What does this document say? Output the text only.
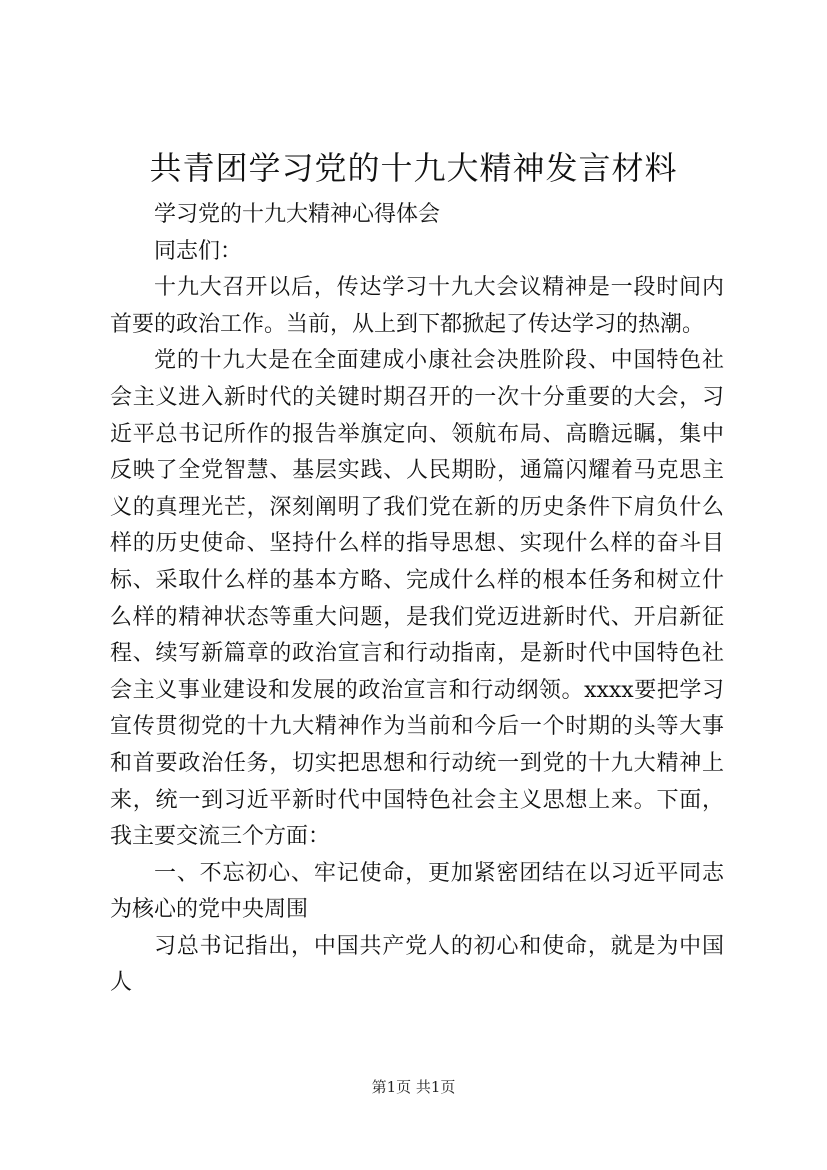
共青团学习党的十九大精神发言材料

学习党的十九大精神心得体会

同志们：

十九大召开以后，传达学习十九大会议精神是一段时间内首要的政治工作。当前，从上到下都掀起了传达学习的热潮。

党的十九大是在全面建成小康社会决胜阶段、中国特色社会主义进入新时代的关键时期召开的一次十分重要的大会，习近平总书记所作的报告举旗定向、领航布局、高瞻远瞩，集中反映了全党智慧、基层实践、人民期盼，通篇闪耀着马克思主义的真理光芒，深刻阐明了我们党在新的历史条件下肩负什么样的历史使命、坚持什么样的指导思想、实现什么样的奋斗目标、采取什么样的基本方略、完成什么样的根本任务和树立什么样的精神状态等重大问题，是我们党迈进新时代、开启新征程、续写新篇章的政治宣言和行动指南，是新时代中国特色社会主义事业建设和发展的政治宣言和行动纲领。xxxx要把学习宣传贯彻党的十九大精神作为当前和今后一个时期的头等大事和首要政治任务，切实把思想和行动统一到党的十九大精神上来，统一到习近平新时代中国特色社会主义思想上来。下面，我主要交流三个方面：

一、不忘初心、牢记使命，更加紧密团结在以习近平同志为核心的党中央周围

习总书记指出，中国共产党人的初心和使命，就是为中国人

第1页 共1页
